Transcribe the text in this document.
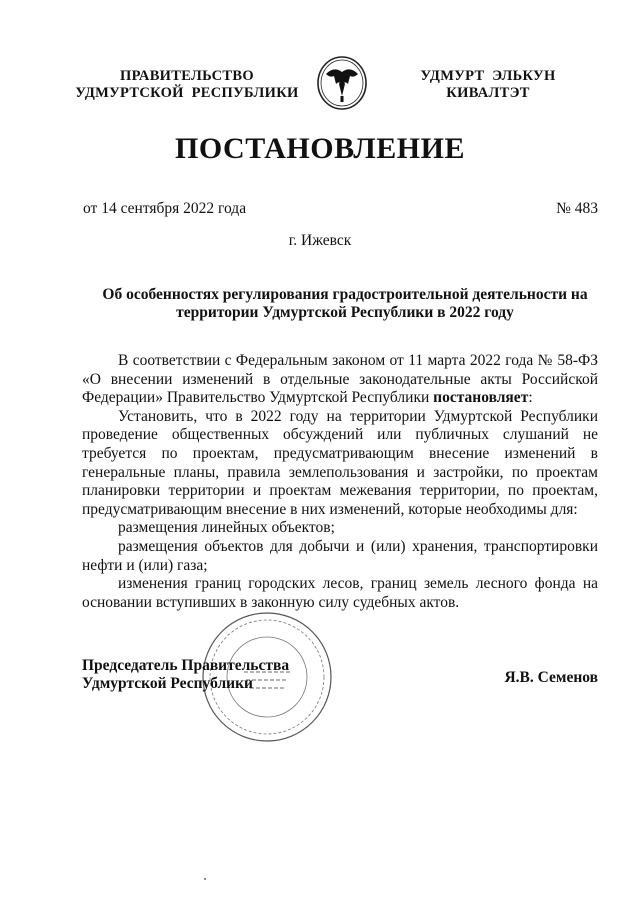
ПРАВИТЕЛЬСТВО
УДМУРТСКОЙ  РЕСПУБЛИКИ
УДМУРТ  ЭЛЬКУН
КИВАЛТЭТ
ПОСТАНОВЛЕНИЕ
от 14 сентября 2022 года	№ 483
г. Ижевск
Об особенностях регулирования градостроительной деятельности на
территории Удмуртской Республики в 2022 году

В соответствии с Федеральным законом от 11 марта 2022 года № 58-ФЗ «О внесении изменений в отдельные законодательные акты Российской Федерации» Правительство Удмуртской Республики постановляет:

Установить, что в 2022 году на территории Удмуртской Республики проведение общественных обсуждений или публичных слушаний не требуется по проектам, предусматривающим внесение изменений в генеральные планы, правила землепользования и застройки, по проектам планировки территории и проектам межевания территории, по проектам, предусматривающим внесение в них изменений, которые необходимы для:

размещения линейных объектов;

размещения объектов для добычи и (или) хранения, транспортировки нефти и (или) газа;

изменения границ городских лесов, границ земель лесного фонда на основании вступивших в законную силу судебных актов.

Председатель Правительства
Удмуртской Республики	Я.В. Семенов
